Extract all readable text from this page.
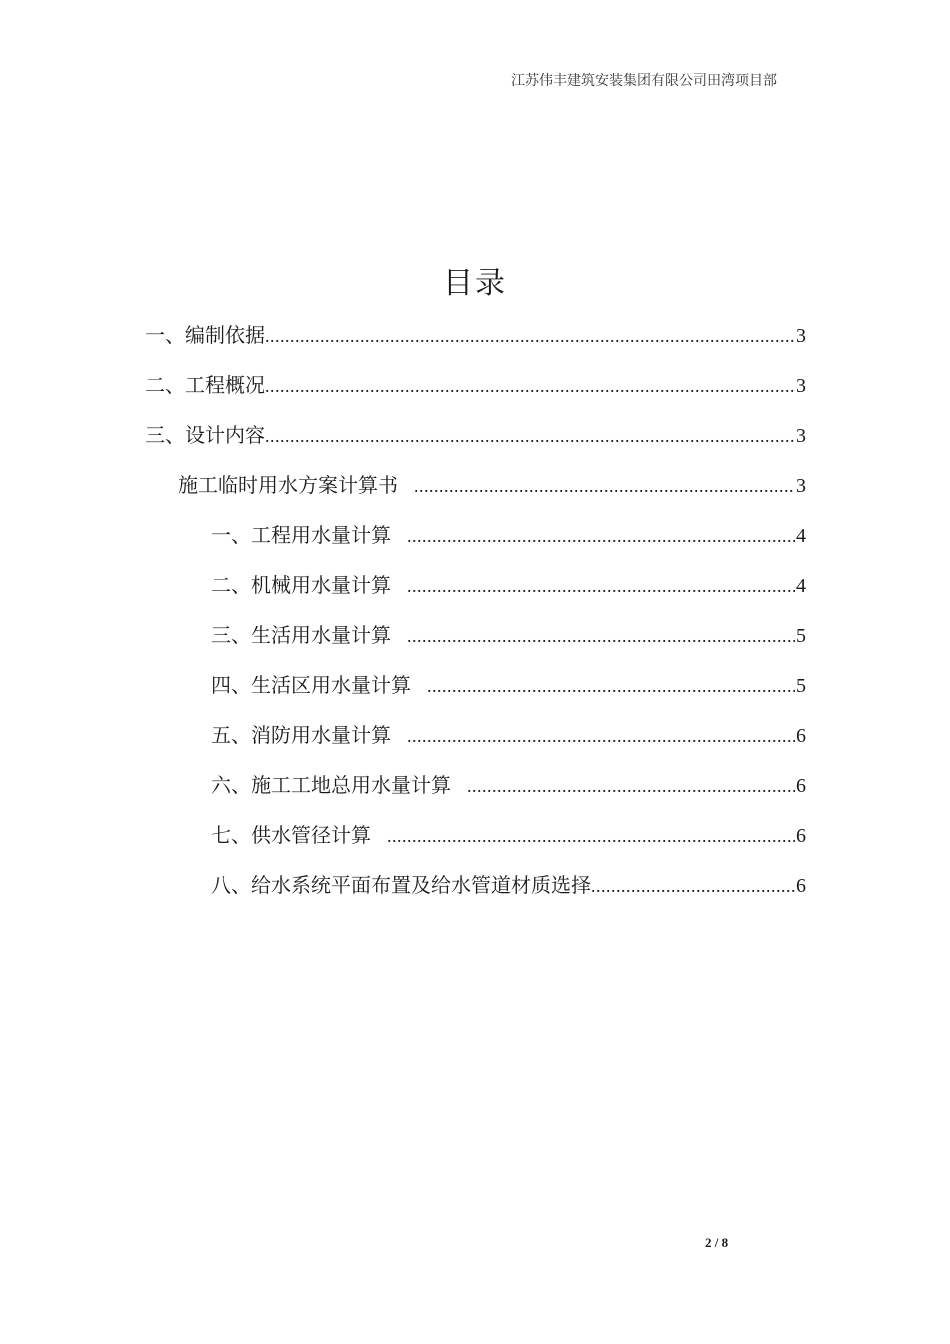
江苏伟丰建筑安装集团有限公司田湾项目部
目录
一、编制依据 .....	3
二、工程概况 .....	3
三、设计内容 .....	3
施工临时用水方案计算书 .....	3
一、工程用水量计算 .....	4
二、机械用水量计算 .....	4
三、生活用水量计算 .....	5
四、生活区用水量计算 .....	5
五、消防用水量计算 .....	6
六、施工工地总用水量计算 .....	6
七、供水管径计算 .....	6
八、给水系统平面布置及给水管道材质选择 .....	6
2 / 8
